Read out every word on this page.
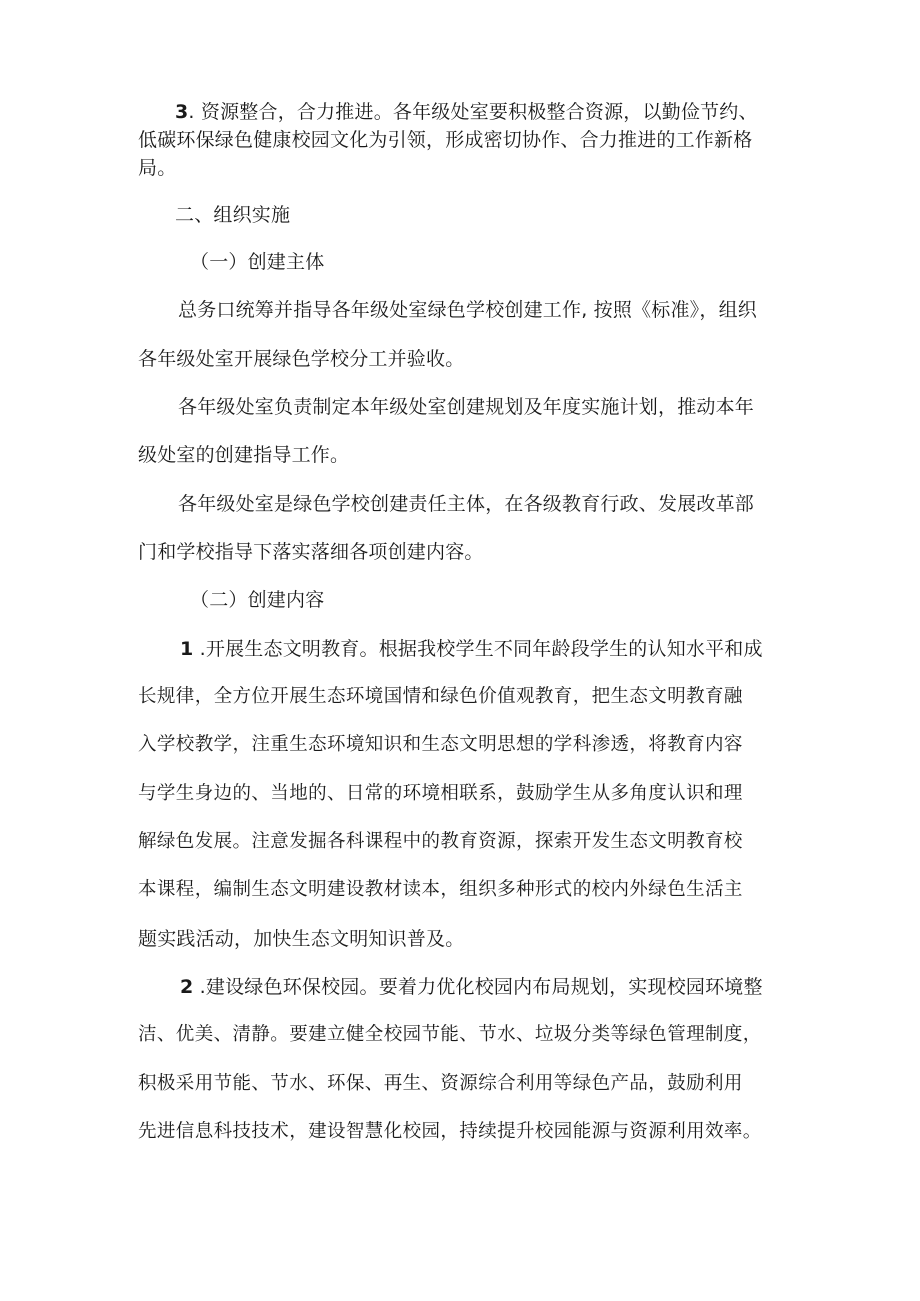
3. 资源整合，合力推进。各年级处室要积极整合资源，以勤俭节约、
低碳环保绿色健康校园文化为引领，形成密切协作、合力推进的工作新格
局。
二、组织实施
（一）创建主体
总务口统筹并指导各年级处室绿色学校创建工作, 按照《标准》，组织
各年级处室开展绿色学校分工并验收。
各年级处室负责制定本年级处室创建规划及年度实施计划，推动本年
级处室的创建指导工作。
各年级处室是绿色学校创建责任主体，在各级教育行政、发展改革部
门和学校指导下落实落细各项创建内容。
（二）创建内容
1 .开展生态文明教育。根据我校学生不同年龄段学生的认知水平和成
长规律，全方位开展生态环境国情和绿色价值观教育，把生态文明教育融
入学校教学，注重生态环境知识和生态文明思想的学科渗透，将教育内容
与学生身边的、当地的、日常的环境相联系，鼓励学生从多角度认识和理
解绿色发展。注意发掘各科课程中的教育资源，探索开发生态文明教育校
本课程，编制生态文明建设教材读本，组织多种形式的校内外绿色生活主
题实践活动，加快生态文明知识普及。
2 .建设绿色环保校园。要着力优化校园内布局规划，实现校园环境整
洁、优美、清静。要建立健全校园节能、节水、垃圾分类等绿色管理制度，
积极采用节能、节水、环保、再生、资源综合利用等绿色产品，鼓励利用
先进信息科技技术，建设智慧化校园，持续提升校园能源与资源利用效率。
